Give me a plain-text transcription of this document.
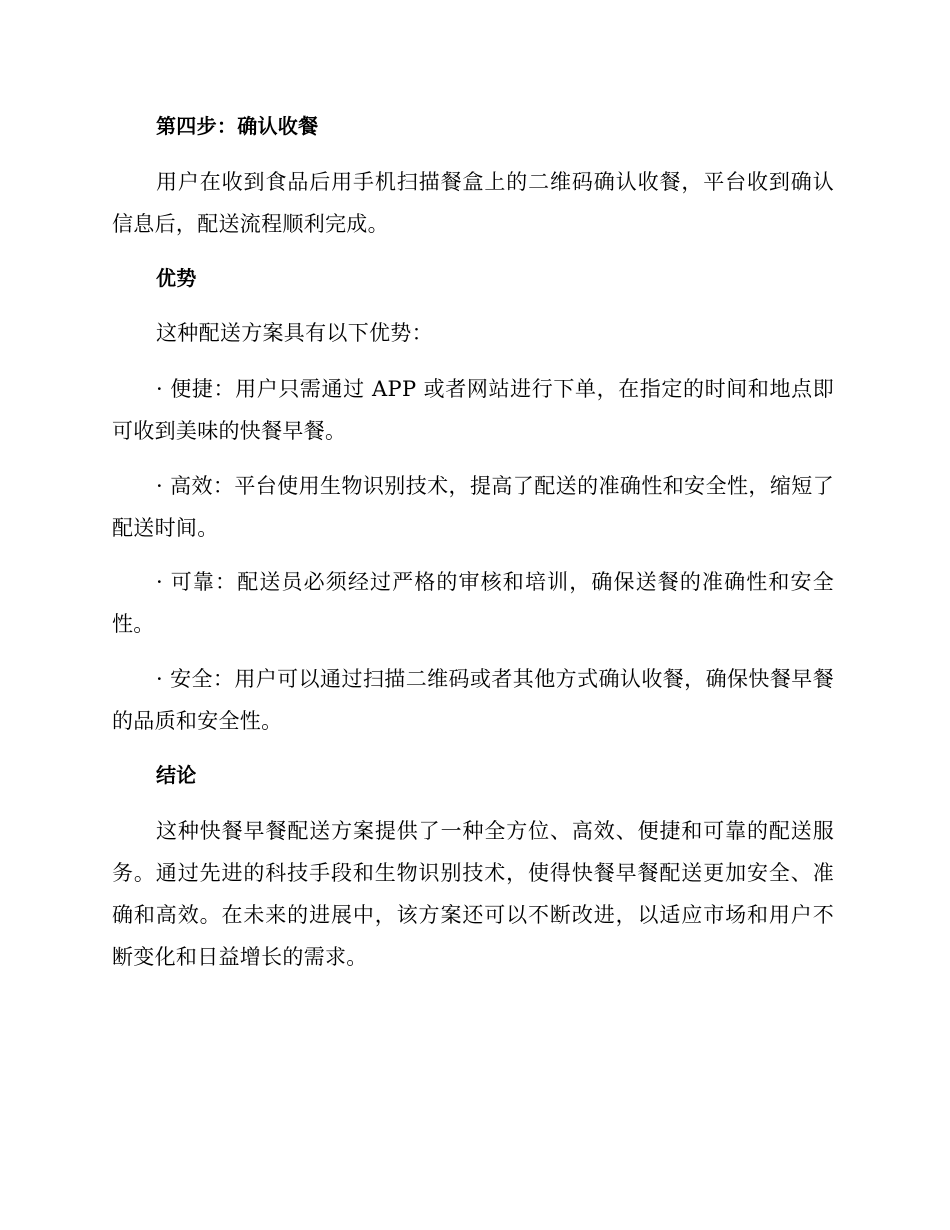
第四步：确认收餐
用户在收到食品后用手机扫描餐盒上的二维码确认收餐，平台收到确认信息后，配送流程顺利完成。
优势
这种配送方案具有以下优势：
· 便捷：用户只需通过 APP 或者网站进行下单，在指定的时间和地点即可收到美味的快餐早餐。
· 高效：平台使用生物识别技术，提高了配送的准确性和安全性，缩短了配送时间。
· 可靠：配送员必须经过严格的审核和培训，确保送餐的准确性和安全性。
· 安全：用户可以通过扫描二维码或者其他方式确认收餐，确保快餐早餐的品质和安全性。
结论
这种快餐早餐配送方案提供了一种全方位、高效、便捷和可靠的配送服务。通过先进的科技手段和生物识别技术，使得快餐早餐配送更加安全、准确和高效。在未来的进展中，该方案还可以不断改进，以适应市场和用户不断变化和日益增长的需求。
